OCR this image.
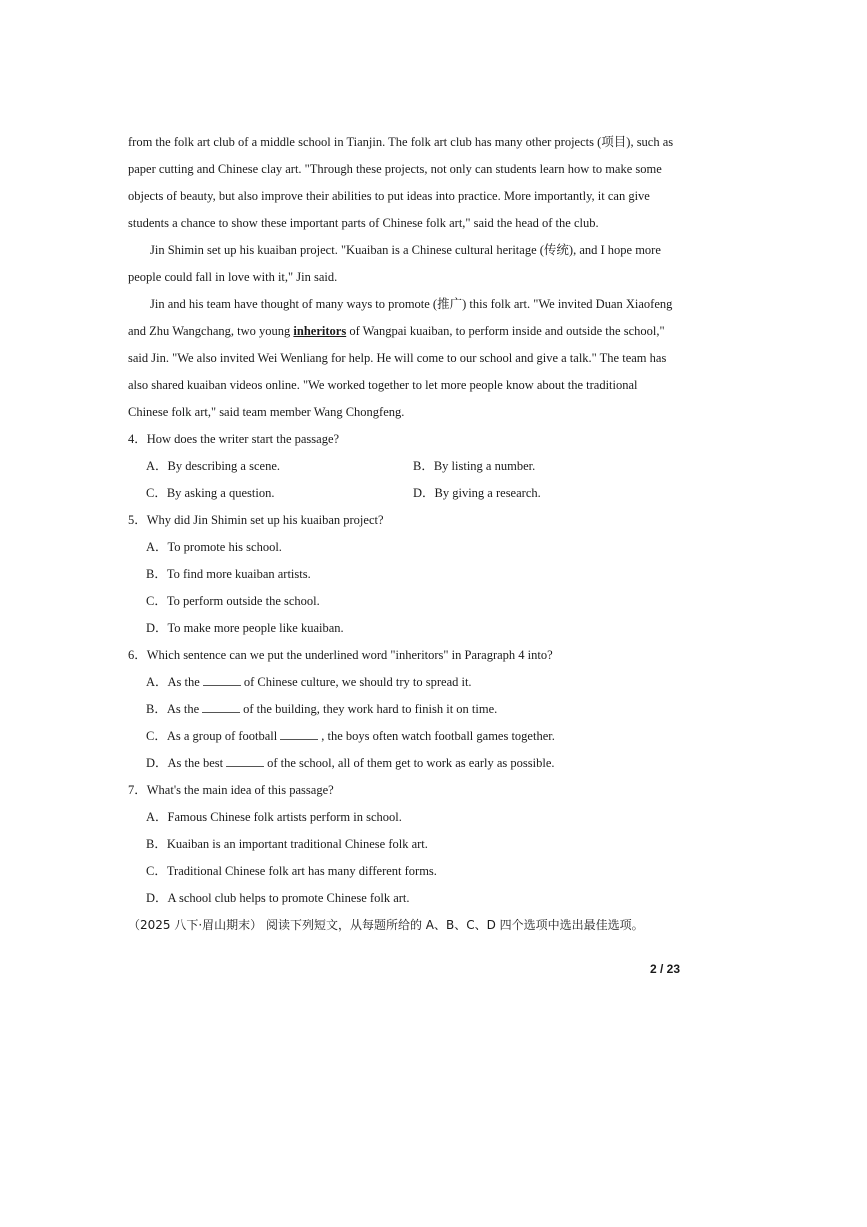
from the folk art club of a middle school in Tianjin. The folk art club has many other projects (项目), such as
paper cutting and Chinese clay art. "Through these projects, not only can students learn how to make some
objects of beauty, but also improve their abilities to put ideas into practice. More importantly, it can give
students a chance to show these important parts of Chinese folk art," said the head of the club.
Jin Shimin set up his kuaiban project. "Kuaiban is a Chinese cultural heritage (传统), and I hope more
people could fall in love with it," Jin said.
Jin and his team have thought of many ways to promote (推广) this folk art. "We invited Duan Xiaofeng
and Zhu Wangchang, two young inheritors of Wangpai kuaiban, to perform inside and outside the school,"
said Jin. "We also invited Wei Wenliang for help. He will come to our school and give a talk." The team has
also shared kuaiban videos online. "We worked together to let more people know about the traditional
Chinese folk art," said team member Wang Chongfeng.
4．How does the writer start the passage?
A．By describing a scene.	B．By listing a number.
C．By asking a question.	D．By giving a research.
5．Why did Jin Shimin set up his kuaiban project?
A．To promote his school.
B．To find more kuaiban artists.
C．To perform outside the school.
D．To make more people like kuaiban.
6．Which sentence can we put the underlined word "inheritors" in Paragraph 4 into?
A．As the	of Chinese culture, we should try to spread it.
B．As the	of the building, they work hard to finish it on time.
C．As a group of football	, the boys often watch football games together.
D．As the best	of the school, all of them get to work as early as possible.
7．What's the main idea of this passage?
A．Famous Chinese folk artists perform in school.
B．Kuaiban is an important traditional Chinese folk art.
C．Traditional Chinese folk art has many different forms.
D．A school club helps to promote Chinese folk art.
（2025 八下·眉山期末） 阅读下列短文，从每题所给的 A、B、C、D 四个选项中选出最佳选项。
2 / 23
